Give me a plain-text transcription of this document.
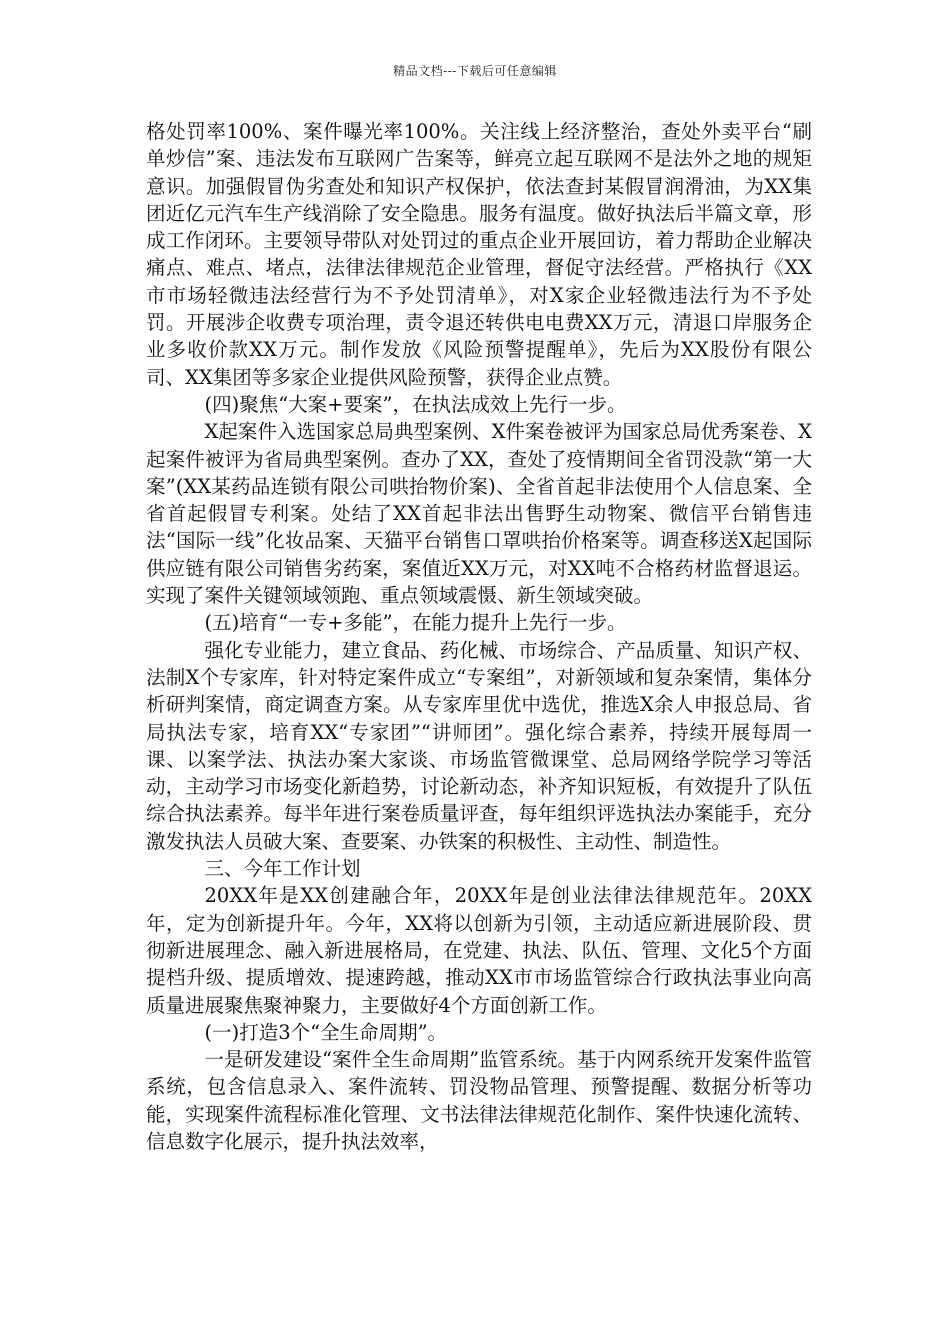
精品文档---下载后可任意编辑

格处罚率100%、案件曝光率100%。关注线上经济整治，查处外卖平台“刷单炒信”案、违法发布互联网广告案等，鲜亮立起互联网不是法外之地的规矩意识。加强假冒伪劣查处和知识产权保护，依法查封某假冒润滑油，为XX集团近亿元汽车生产线消除了安全隐患。服务有温度。做好执法后半篇文章，形成工作闭环。主要领导带队对处罚过的重点企业开展回访，着力帮助企业解决痛点、难点、堵点，法律法律规范企业管理，督促守法经营。严格执行《XX市市场轻微违法经营行为不予处罚清单》，对X家企业轻微违法行为不予处罚。开展涉企收费专项治理，责令退还转供电电费XX万元，清退口岸服务企业多收价款XX万元。制作发放《风险预警提醒单》，先后为XX股份有限公司、XX集团等多家企业提供风险预警，获得企业点赞。

(四)聚焦“大案+要案”，在执法成效上先行一步。

X起案件入选国家总局典型案例、X件案卷被评为国家总局优秀案卷、X起案件被评为省局典型案例。查办了XX，查处了疫情期间全省罚没款“第一大案”(XX某药品连锁有限公司哄抬物价案)、全省首起非法使用个人信息案、全省首起假冒专利案。处结了XX首起非法出售野生动物案、微信平台销售违法“国际一线”化妆品案、天猫平台销售口罩哄抬价格案等。调查移送X起国际供应链有限公司销售劣药案，案值近XX万元，对XX吨不合格药材监督退运。实现了案件关键领域领跑、重点领域震慑、新生领域突破。

(五)培育“一专+多能”，在能力提升上先行一步。

强化专业能力，建立食品、药化械、市场综合、产品质量、知识产权、法制X个专家库，针对特定案件成立“专案组”，对新领域和复杂案情，集体分析研判案情，商定调查方案。从专家库里优中选优，推选X余人申报总局、省局执法专家，培育XX“专家团”“讲师团”。强化综合素养，持续开展每周一课、以案学法、执法办案大家谈、市场监管微课堂、总局网络学院学习等活动，主动学习市场变化新趋势，讨论新动态，补齐知识短板，有效提升了队伍综合执法素养。每半年进行案卷质量评查，每年组织评选执法办案能手，充分激发执法人员破大案、查要案、办铁案的积极性、主动性、制造性。

三、今年工作计划

20XX年是XX创建融合年，20XX年是创业法律法律规范年。20XX年，定为创新提升年。今年，XX将以创新为引领，主动适应新进展阶段、贯彻新进展理念、融入新进展格局，在党建、执法、队伍、管理、文化5个方面提档升级、提质增效、提速跨越，推动XX市市场监管综合行政执法事业向高质量进展聚焦聚神聚力，主要做好4个方面创新工作。

(一)打造3个“全生命周期”。

一是研发建设“案件全生命周期”监管系统。基于内网系统开发案件监管系统，包含信息录入、案件流转、罚没物品管理、预警提醒、数据分析等功能，实现案件流程标准化管理、文书法律法律规范化制作、案件快速化流转、信息数字化展示，提升执法效率，
